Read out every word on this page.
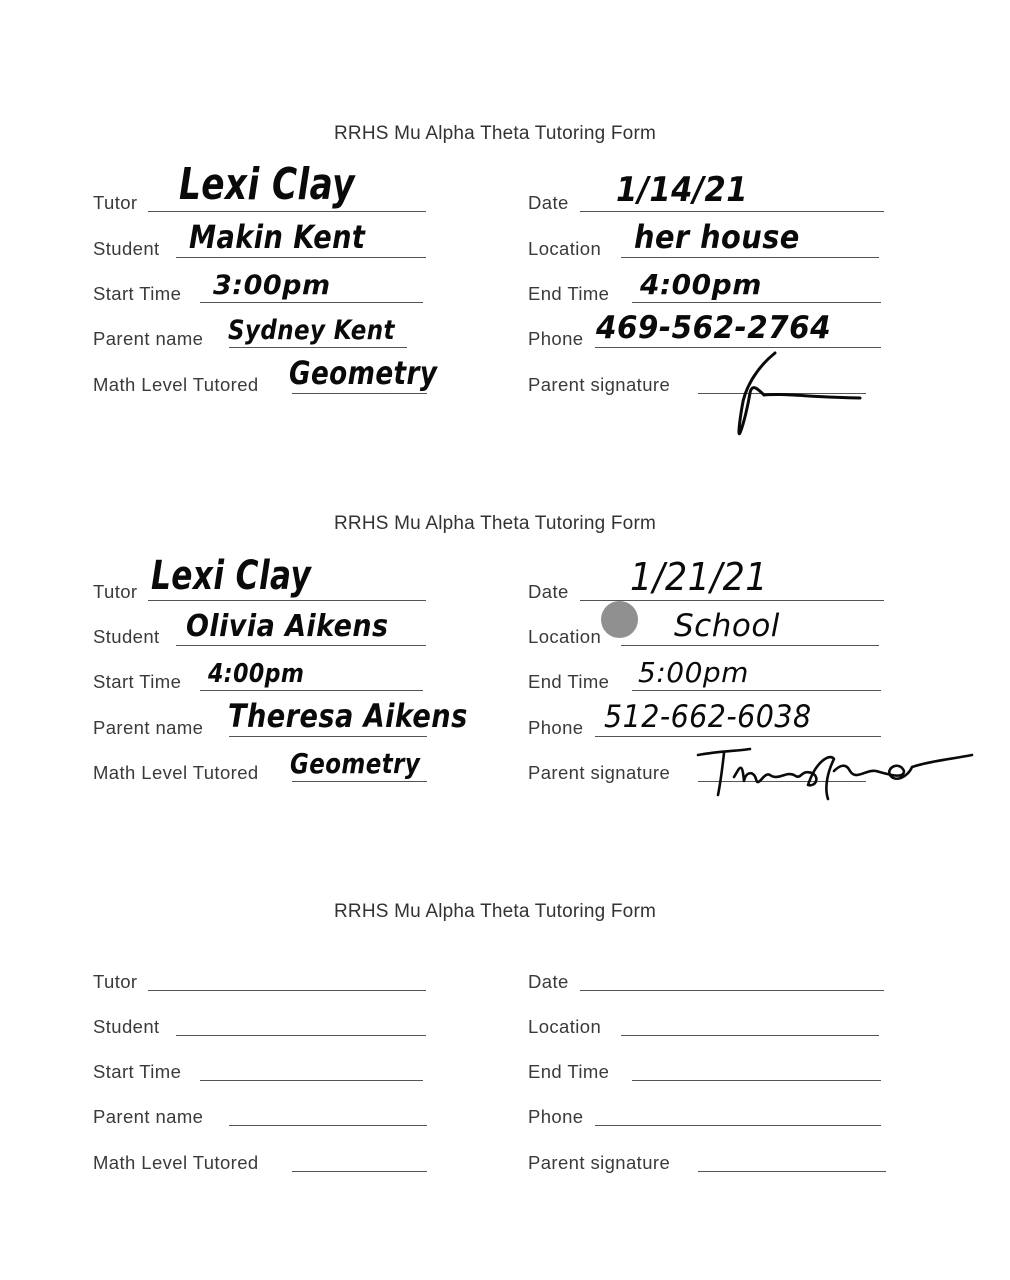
RRHS Mu Alpha Theta Tutoring Form
Tutor Lexi Clay
Student Makin Kent
Start Time 3:00pm
Parent name Sydney Kent
Math Level Tutored Geometry
Date 1/14/21
Location her house
End Time 4:00pm
Phone 469-562-2764
Parent signature
RRHS Mu Alpha Theta Tutoring Form
Tutor Lexi Clay
Student Olivia Aikens
Start Time 4:00pm
Parent name Theresa Aikens
Math Level Tutored Geometry
Date 1/21/21
Location School
End Time 5:00pm
Phone 512-662-6038
Parent signature
RRHS Mu Alpha Theta Tutoring Form
Tutor
Student
Start Time
Parent name
Math Level Tutored
Date
Location
End Time
Phone
Parent signature
